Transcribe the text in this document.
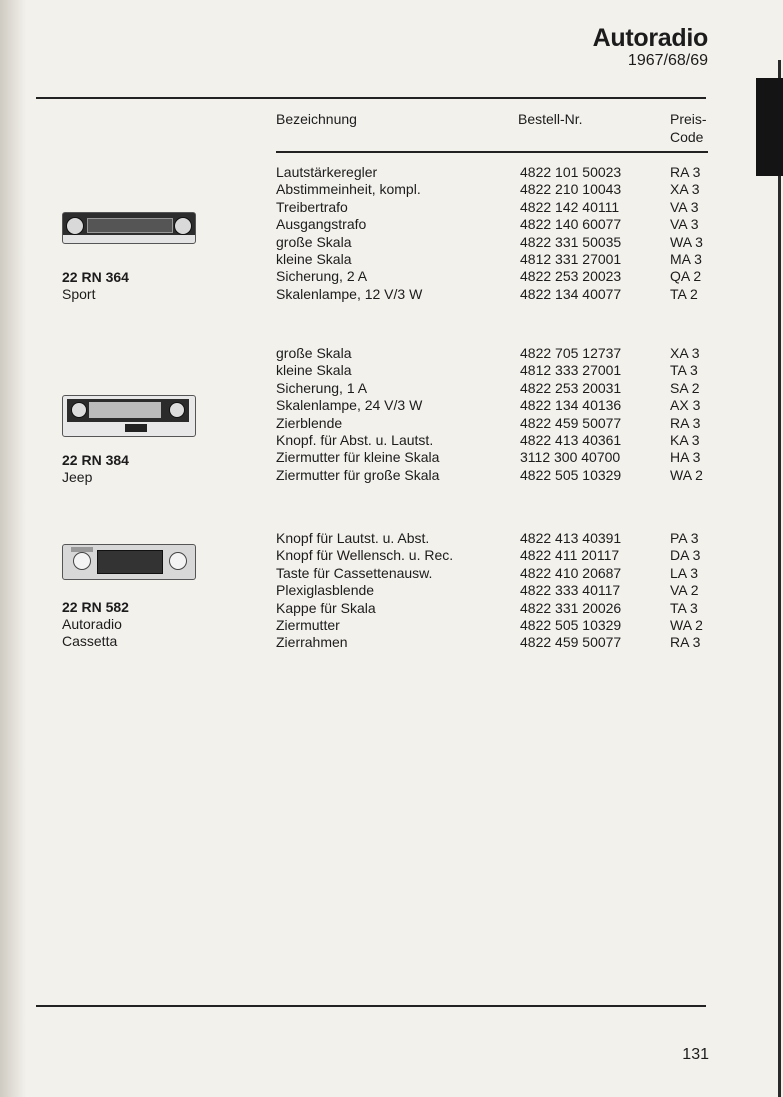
Autoradio
1967/68/69
Bezeichnung	Bestell-Nr.	Preis-
Code
22 RN 364
Sport
Lautstärkeregler	4822 101 50023	RA 3
Abstimmeinheit, kompl.	4822 210 10043	XA 3
Treibertrafo	4822 142 40111	VA 3
Ausgangstrafo	4822 140 60077	VA 3
große Skala	4822 331 50035	WA 3
kleine Skala	4812 331 27001	MA 3
Sicherung, 2 A	4822 253 20023	QA 2
Skalenlampe, 12 V/3 W	4822 134 40077	TA 2
22 RN 384
Jeep
große Skala	4822 705 12737	XA 3
kleine Skala	4812 333 27001	TA 3
Sicherung, 1 A	4822 253 20031	SA 2
Skalenlampe, 24 V/3 W	4822 134 40136	AX 3
Zierblende	4822 459 50077	RA 3
Knopf. für Abst. u. Lautst.	4822 413 40361	KA 3
Ziermutter für kleine Skala	3112 300 40700	HA 3
Ziermutter für große Skala	4822 505 10329	WA 2
22 RN 582
Autoradio
Cassetta
Knopf für Lautst. u. Abst.	4822 413 40391	PA 3
Knopf für Wellensch. u. Rec.	4822 411 20117	DA 3
Taste für Cassettenausw.	4822 410 20687	LA 3
Plexiglasblende	4822 333 40117	VA 2
Kappe für Skala	4822 331 20026	TA 3
Ziermutter	4822 505 10329	WA 2
Zierrahmen	4822 459 50077	RA 3
131
